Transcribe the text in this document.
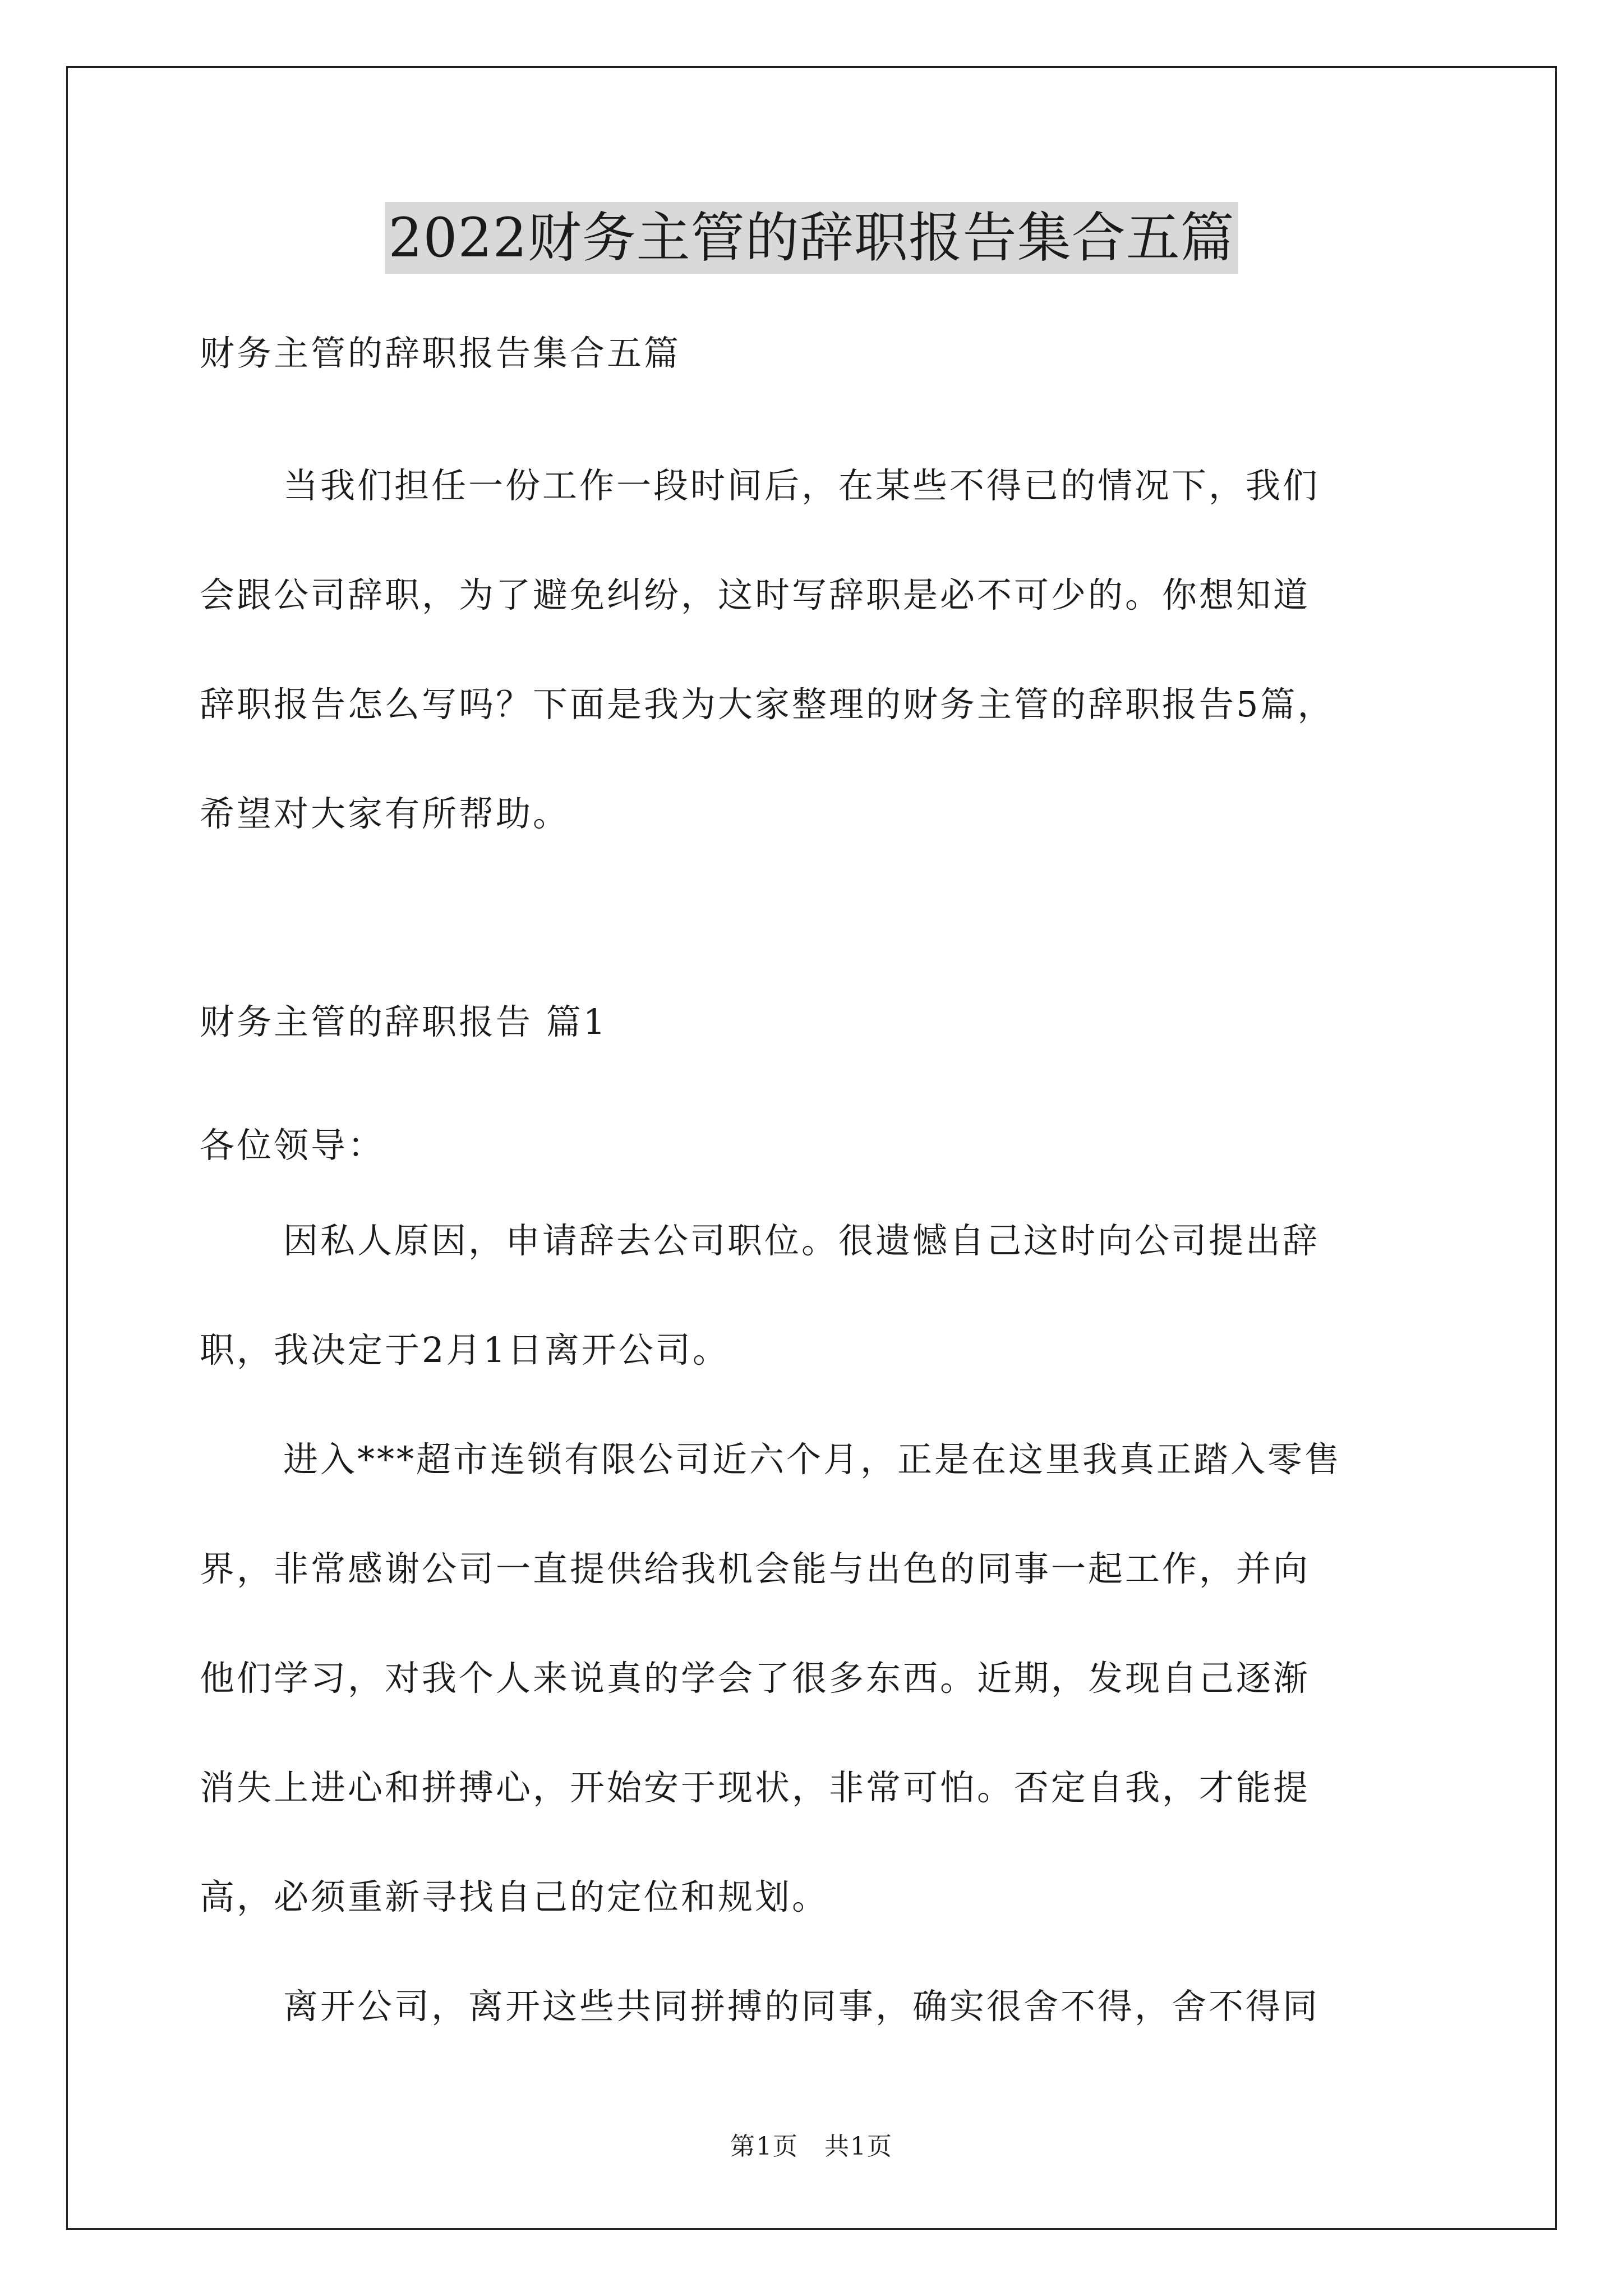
2022财务主管的辞职报告集合五篇
财务主管的辞职报告集合五篇
当我们担任一份工作一段时间后，在某些不得已的情况下，我们
会跟公司辞职，为了避免纠纷，这时写辞职是必不可少的。你想知道
辞职报告怎么写吗？下面是我为大家整理的财务主管的辞职报告5篇，
希望对大家有所帮助。
财务主管的辞职报告 篇1
各位领导：
因私人原因，申请辞去公司职位。很遗憾自己这时向公司提出辞
职，我决定于2月1日离开公司。
进入***超市连锁有限公司近六个月，正是在这里我真正踏入零售
界，非常感谢公司一直提供给我机会能与出色的同事一起工作，并向
他们学习，对我个人来说真的学会了很多东西。近期，发现自己逐渐
消失上进心和拼搏心，开始安于现状，非常可怕。否定自我，才能提
高，必须重新寻找自己的定位和规划。
离开公司，离开这些共同拼搏的同事，确实很舍不得，舍不得同
第1页　共1页
